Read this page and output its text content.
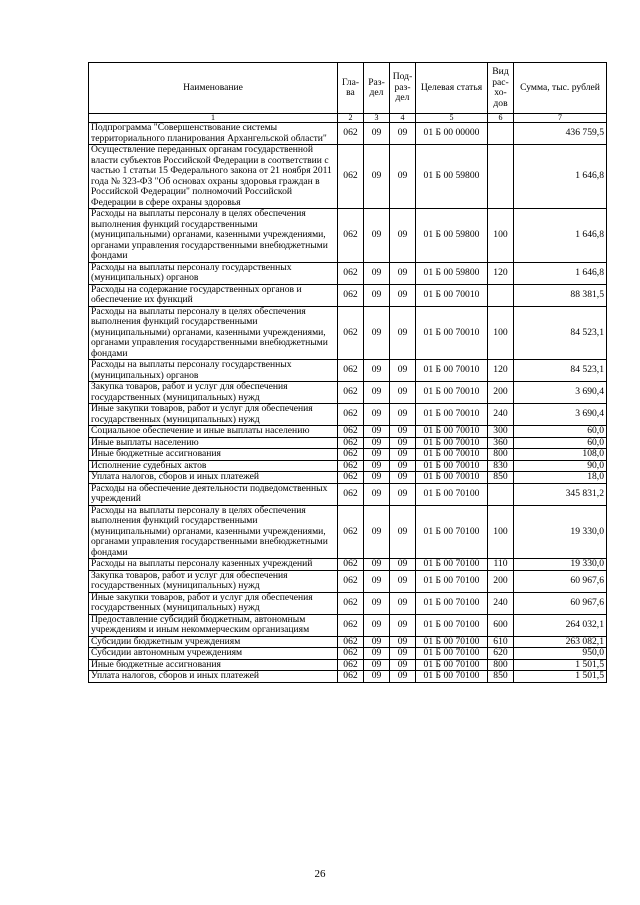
Наименование	Гла-ва	Раз-дел	Под-раз-дел	Целевая статья	Вид рас-хо-дов	Сумма, тыс. рублей
1	2	3	4	5	6	7
Подпрограмма "Совершенствование системы территориального планирования Архангельской области"	062	09	09	01 Б 00 00000		436 759,5
Осуществление переданных органам государственной власти субъектов Российской Федерации в соответствии с частью 1 статьи 15 Федерального закона от 21 ноября 2011 года № 323-ФЗ "Об основах охраны здоровья граждан в Российской Федерации" полномочий Российской Федерации в сфере охраны здоровья	062	09	09	01 Б 00 59800		1 646,8
Расходы на выплаты персоналу в целях обеспечения выполнения функций государственными (муниципальными) органами, казенными учреждениями, органами управления государственными внебюджетными фондами	062	09	09	01 Б 00 59800	100	1 646,8
Расходы на выплаты персоналу государственных (муниципальных) органов	062	09	09	01 Б 00 59800	120	1 646,8
Расходы на содержание государственных органов и обеспечение их функций	062	09	09	01 Б 00 70010		88 381,5
Расходы на выплаты персоналу в целях обеспечения выполнения функций государственными (муниципальными) органами, казенными учреждениями, органами управления государственными внебюджетными фондами	062	09	09	01 Б 00 70010	100	84 523,1
Расходы на выплаты персоналу государственных (муниципальных) органов	062	09	09	01 Б 00 70010	120	84 523,1
Закупка товаров, работ и услуг для обеспечения государственных (муниципальных) нужд	062	09	09	01 Б 00 70010	200	3 690,4
Иные закупки товаров, работ и услуг для обеспечения государственных (муниципальных) нужд	062	09	09	01 Б 00 70010	240	3 690,4
Социальное обеспечение и иные выплаты населению	062	09	09	01 Б 00 70010	300	60,0
Иные выплаты населению	062	09	09	01 Б 00 70010	360	60,0
Иные бюджетные ассигнования	062	09	09	01 Б 00 70010	800	108,0
Исполнение судебных актов	062	09	09	01 Б 00 70010	830	90,0
Уплата налогов, сборов и иных платежей	062	09	09	01 Б 00 70010	850	18,0
Расходы на обеспечение деятельности подведомственных учреждений	062	09	09	01 Б 00 70100		345 831,2
Расходы на выплаты персоналу в целях обеспечения выполнения функций государственными (муниципальными) органами, казенными учреждениями, органами управления государственными внебюджетными фондами	062	09	09	01 Б 00 70100	100	19 330,0
Расходы на выплаты персоналу казенных учреждений	062	09	09	01 Б 00 70100	110	19 330,0
Закупка товаров, работ и услуг для обеспечения государственных (муниципальных) нужд	062	09	09	01 Б 00 70100	200	60 967,6
Иные закупки товаров, работ и услуг для обеспечения государственных (муниципальных) нужд	062	09	09	01 Б 00 70100	240	60 967,6
Предоставление субсидий бюджетным, автономным учреждениям и иным некоммерческим организациям	062	09	09	01 Б 00 70100	600	264 032,1
Субсидии бюджетным учреждениям	062	09	09	01 Б 00 70100	610	263 082,1
Субсидии автономным учреждениям	062	09	09	01 Б 00 70100	620	950,0
Иные бюджетные ассигнования	062	09	09	01 Б 00 70100	800	1 501,5
Уплата налогов, сборов и иных платежей	062	09	09	01 Б 00 70100	850	1 501,5
26
